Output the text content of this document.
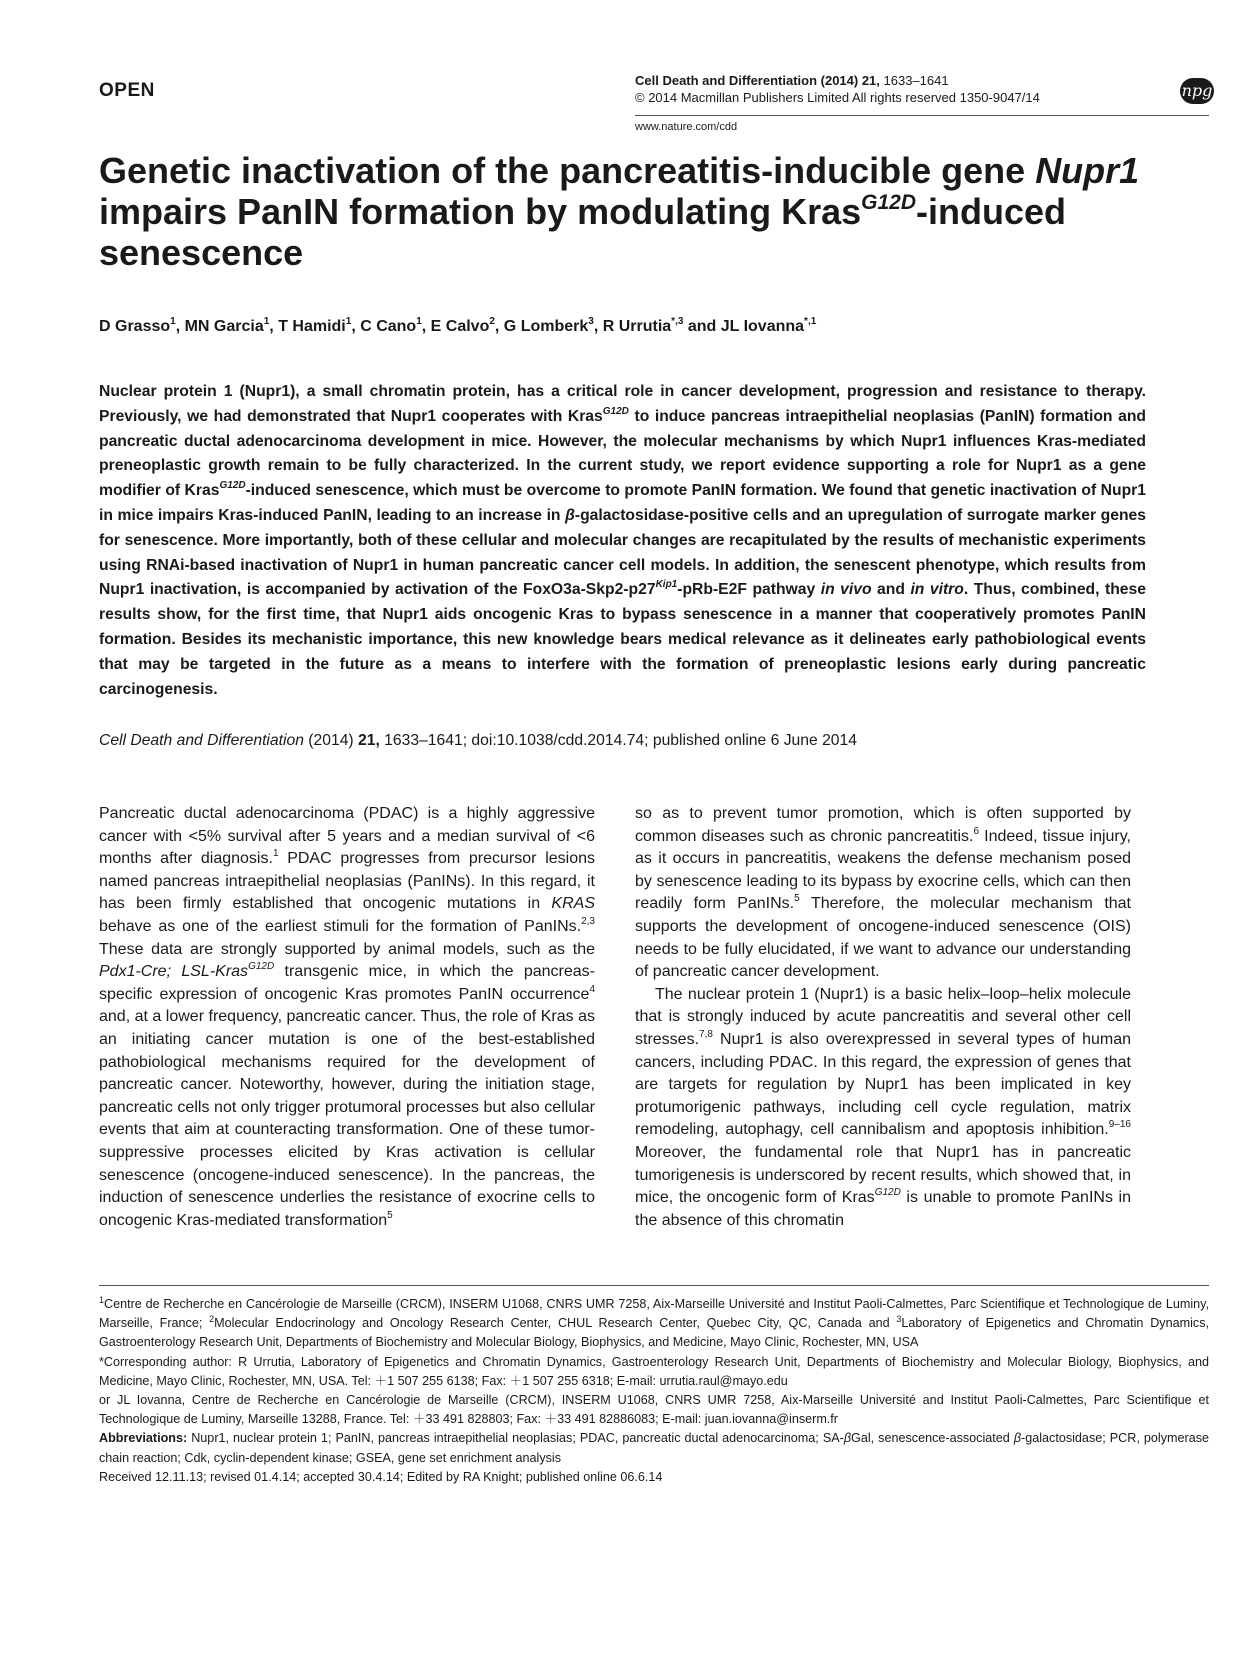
OPEN	Cell Death and Differentiation (2014) 21, 1633–1641
© 2014 Macmillan Publishers Limited All rights reserved 1350-9047/14	npg
www.nature.com/cdd
Genetic inactivation of the pancreatitis-inducible gene Nupr1 impairs PanIN formation by modulating Kras$^{G12D}$-induced senescence
D Grasso$^1$, MN Garcia$^1$, T Hamidi$^1$, C Cano$^1$, E Calvo$^2$, G Lomberk$^3$, R Urrutia$^{*,3}$ and JL Iovanna$^{*,1}$
Nuclear protein 1 (Nupr1), a small chromatin protein, has a critical role in cancer development, progression and resistance to therapy. Previously, we had demonstrated that Nupr1 cooperates with Kras$^{G12D}$ to induce pancreas intraepithelial neoplasias (PanIN) formation and pancreatic ductal adenocarcinoma development in mice. However, the molecular mechanisms by which Nupr1 influences Kras-mediated preneoplastic growth remain to be fully characterized. In the current study, we report evidence supporting a role for Nupr1 as a gene modifier of Kras$^{G12D}$-induced senescence, which must be overcome to promote PanIN formation. We found that genetic inactivation of Nupr1 in mice impairs Kras-induced PanIN, leading to an increase in β-galactosidase-positive cells and an upregulation of surrogate marker genes for senescence. More importantly, both of these cellular and molecular changes are recapitulated by the results of mechanistic experiments using RNAi-based inactivation of Nupr1 in human pancreatic cancer cell models. In addition, the senescent phenotype, which results from Nupr1 inactivation, is accompanied by activation of the $FoxO3a-Skp2-p27^{Kip1}-pRb-E2F$ pathway in vivo and in vitro. Thus, combined, these results show, for the first time, that Nupr1 aids oncogenic Kras to bypass senescence in a manner that cooperatively promotes PanIN formation. Besides its mechanistic importance, this new knowledge bears medical relevance as it delineates early pathobiological events that may be targeted in the future as a means to interfere with the formation of preneoplastic lesions early during pancreatic carcinogenesis.
Cell Death and Differentiation (2014) 21, 1633–1641; doi:10.1038/cdd.2014.74; published online 6 June 2014
Pancreatic ductal adenocarcinoma (PDAC) is a highly aggressive cancer with <5% survival after 5 years and a median survival of <6 months after diagnosis.$^1$ PDAC progresses from precursor lesions named pancreas intraepithelial neoplasias (PanINs). In this regard, it has been firmly established that oncogenic mutations in KRAS behave as one of the earliest stimuli for the formation of PanINs.$^{2,3}$ These data are strongly supported by animal models, such as the Pdx1-Cre; LSL-Kras$^{G12D}$ transgenic mice, in which the pancreas-specific expression of oncogenic Kras promotes PanIN occurrence$^4$ and, at a lower frequency, pancreatic cancer. Thus, the role of Kras as an initiating cancer mutation is one of the best-established pathobiological mechanisms required for the development of pancreatic cancer. Noteworthy, however, during the initiation stage, pancreatic cells not only trigger protumoral processes but also cellular events that aim at counteracting transformation. One of these tumor-suppressive processes elicited by Kras activation is cellular senescence (oncogene-induced senescence). In the pancreas, the induction of senescence underlies the resistance of exocrine cells to oncogenic Kras-mediated transformation$^5$
so as to prevent tumor promotion, which is often supported by common diseases such as chronic pancreatitis.$^6$ Indeed, tissue injury, as it occurs in pancreatitis, weakens the defense mechanism posed by senescence leading to its bypass by exocrine cells, which can then readily form PanINs.$^5$ Therefore, the molecular mechanism that supports the development of oncogene-induced senescence (OIS) needs to be fully elucidated, if we want to advance our understanding of pancreatic cancer development.
The nuclear protein 1 (Nupr1) is a basic helix–loop–helix molecule that is strongly induced by acute pancreatitis and several other cell stresses.$^{7,8}$ Nupr1 is also overexpressed in several types of human cancers, including PDAC. In this regard, the expression of genes that are targets for regulation by Nupr1 has been implicated in key protumorigenic pathways, including cell cycle regulation, matrix remodeling, autophagy, cell cannibalism and apoptosis inhibition.$^{9-16}$ Moreover, the fundamental role that Nupr1 has in pancreatic tumorigenesis is underscored by recent results, which showed that, in mice, the oncogenic form of Kras$^{G12D}$ is unable to promote PanINs in the absence of this chromatin

$^1$Centre de Recherche en Cancérologie de Marseille (CRCM), INSERM U1068, CNRS UMR 7258, Aix-Marseille Université and Institut Paoli-Calmettes, Parc Scientifique et Technologique de Luminy, Marseille, France; $^2$Molecular Endocrinology and Oncology Research Center, CHUL Research Center, Quebec City, QC, Canada and $^3$Laboratory of Epigenetics and Chromatin Dynamics, Gastroenterology Research Unit, Departments of Biochemistry and Molecular Biology, Biophysics, and Medicine, Mayo Clinic, Rochester, MN, USA

*Corresponding author: R Urrutia, Laboratory of Epigenetics and Chromatin Dynamics, Gastroenterology Research Unit, Departments of Biochemistry and Molecular Biology, Biophysics, and Medicine, Mayo Clinic, Rochester, MN, USA. Tel: ＋1 507 255 6138; Fax: ＋1 507 255 6318; E-mail: urrutia.raul@mayo.edu

or JL Iovanna, Centre de Recherche en Cancérologie de Marseille (CRCM), INSERM U1068, CNRS UMR 7258, Aix-Marseille Université and Institut Paoli-Calmettes, Parc Scientifique et Technologique de Luminy, Marseille 13288, France. Tel: ＋33 491 828803; Fax: ＋33 491 82886083; E-mail: juan.iovanna@inserm.fr

Abbreviations: Nupr1, nuclear protein 1; PanIN, pancreas intraepithelial neoplasias; PDAC, pancreatic ductal adenocarcinoma; SA-βGal, senescence-associated β-galactosidase; PCR, polymerase chain reaction; Cdk, cyclin-dependent kinase; GSEA, gene set enrichment analysis

Received 12.11.13; revised 01.4.14; accepted 30.4.14; Edited by RA Knight; published online 06.6.14
